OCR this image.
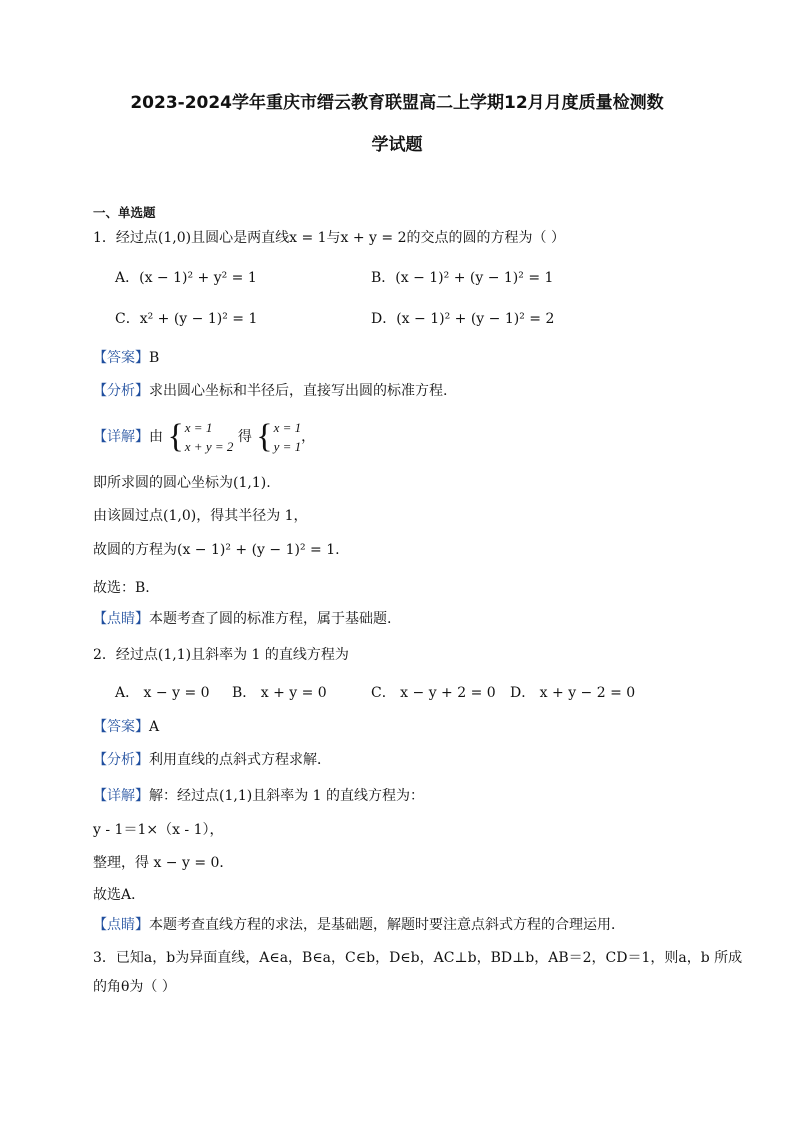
2023-2024学年重庆市缙云教育联盟高二上学期12月月度质量检测数
学试题
一、单选题
1．经过点(1,0)且圆心是两直线x = 1与x + y = 2的交点的圆的方程为（ ）
A．(x − 1)² + y² = 1	B．(x − 1)² + (y − 1)² = 1
C．x² + (y − 1)² = 1	D．(x − 1)² + (y − 1)² = 2
【答案】B
【分析】求出圆心坐标和半径后，直接写出圆的标准方程.
【详解】由 { x = 1
x + y = 2
得 { x = 1
y = 1
，
即所求圆的圆心坐标为(1,1).
由该圆过点(1,0)，得其半径为 1，
故圆的方程为(x − 1)² + (y − 1)² = 1.
故选：B.
【点睛】本题考查了圆的标准方程，属于基础题.
2．经过点(1,1)且斜率为 1 的直线方程为
A． x − y = 0 B． x + y = 0	C． x − y + 2 = 0 D． x + y − 2 = 0
【答案】A
【分析】利用直线的点斜式方程求解．
【详解】解：经过点(1,1)且斜率为 1 的直线方程为：
y - 1＝1×（x - 1），
整理，得 x − y = 0．
故选A．
【点睛】本题考查直线方程的求法，是基础题，解题时要注意点斜式方程的合理运用．
3．已知a，b为异面直线，A∈a，B∈a，C∈b，D∈b，AC⊥b，BD⊥b，AB＝2，CD＝1，则a，b 所成
的角θ为（ ）
